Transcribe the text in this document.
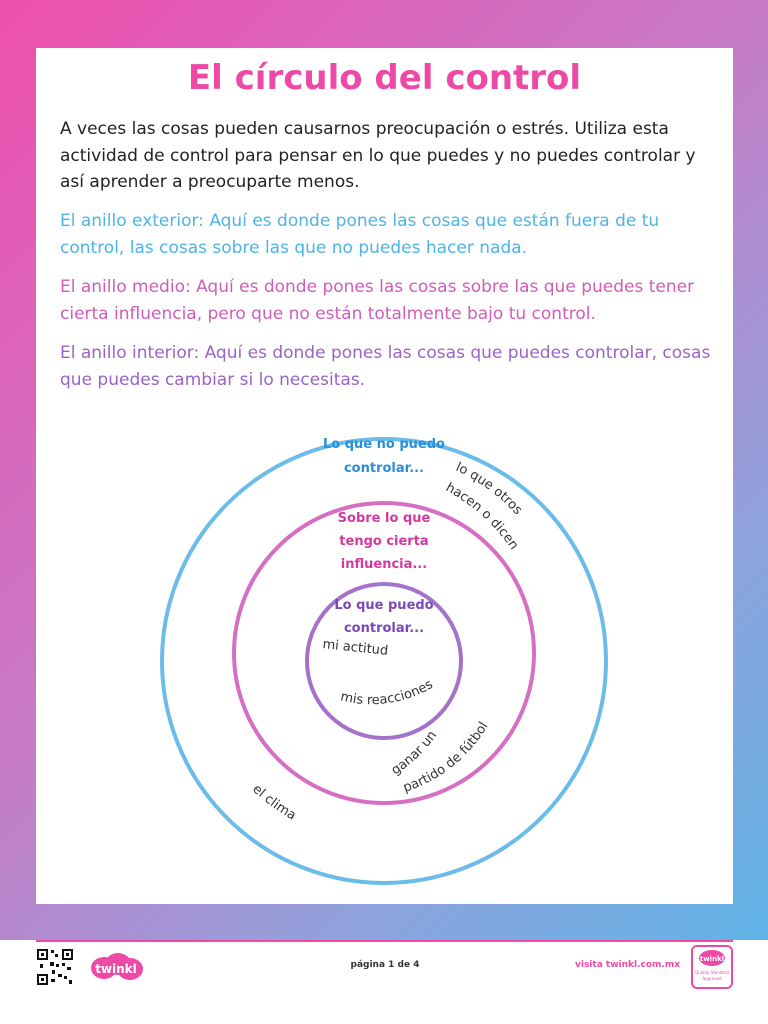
El círculo del control

A veces las cosas pueden causarnos preocupación o estrés. Utiliza esta actividad de control para pensar en lo que puedes y no puedes controlar y así aprender a preocuparte menos.

El anillo exterior: Aquí es donde pones las cosas que están fuera de tu control, las cosas sobre las que no puedes hacer nada.

El anillo medio: Aquí es donde pones las cosas sobre las que puedes tener cierta influencia, pero que no están totalmente bajo tu control.

El anillo interior: Aquí es donde pones las cosas que puedes controlar, cosas que puedes cambiar si lo necesitas.

Lo que no puedo
controlar...
Sobre lo que
tengo cierta
influencia...
Lo que puedo
controlar...
lo que otros
hacen o dicen
mi actitud
mis reacciones
ganar un
partido de fútbol
el clima
twinkl	página 1 de 4	visita twinkl.com.mx
twinkl
Quality Standard
Approved
